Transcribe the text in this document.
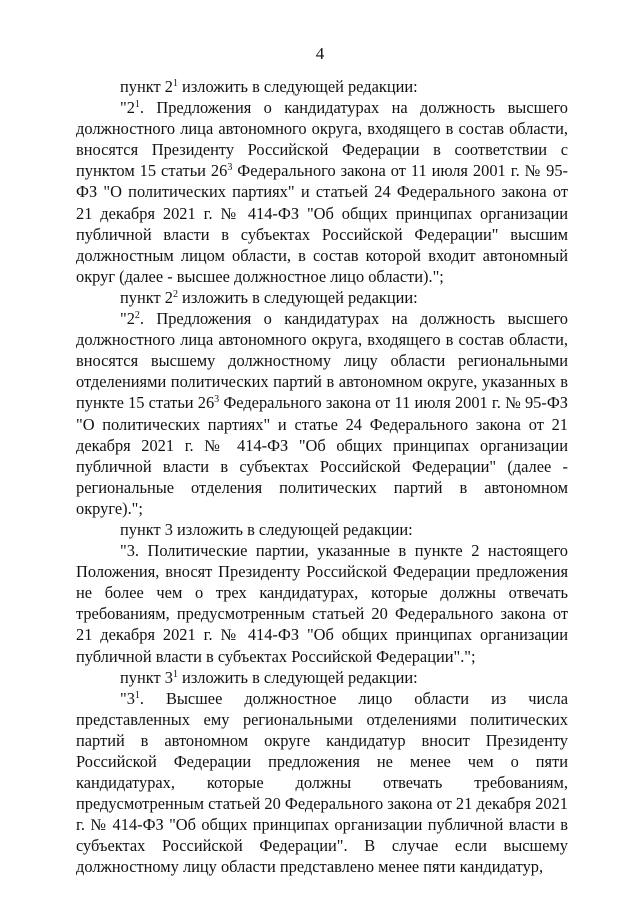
4

пункт $2^1$ изложить в следующей редакции:

"$2^1$. Предложения о кандидатурах на должность высшего должностного лица автономного округа, входящего в состав области, вносятся Президенту Российской Федерации в соответствии с пунктом 15 статьи $26^3$ Федерального закона от 11 июля 2001 г. № 95-ФЗ "О политических партиях" и статьей 24 Федерального закона от 21 декабря 2021 г. № 414-ФЗ "Об общих принципах организации публичной власти в субъектах Российской Федерации" высшим должностным лицом области, в состав которой входит автономный округ (далее - высшее должностное лицо области).";

пункт $2^2$ изложить в следующей редакции:

"$2^2$. Предложения о кандидатурах на должность высшего должностного лица автономного округа, входящего в состав области, вносятся высшему должностному лицу области региональными отделениями политических партий в автономном округе, указанных в пункте 15 статьи $26^3$ Федерального закона от 11 июля 2001 г. № 95-ФЗ "О политических партиях" и статье 24 Федерального закона от 21 декабря 2021 г. № 414-ФЗ "Об общих принципах организации публичной власти в субъектах Российской Федерации" (далее - региональные отделения политических партий в автономном округе).";

пункт 3 изложить в следующей редакции:

"3. Политические партии, указанные в пункте 2 настоящего Положения, вносят Президенту Российской Федерации предложения не более чем о трех кандидатурах, которые должны отвечать требованиям, предусмотренным статьей 20 Федерального закона от 21 декабря 2021 г. № 414-ФЗ "Об общих принципах организации публичной власти в субъектах Российской Федерации".";

пункт $3^1$ изложить в следующей редакции:

"$3^1$. Высшее должностное лицо области из числа представленных ему региональными отделениями политических партий в автономном округе кандидатур вносит Президенту Российской Федерации предложения не менее чем о пяти кандидатурах, которые должны отвечать требованиям, предусмотренным статьей 20 Федерального закона от 21 декабря 2021 г. № 414-ФЗ "Об общих принципах организации публичной власти в субъектах Российской Федерации". В случае если высшему должностному лицу области представлено менее пяти кандидатур,
